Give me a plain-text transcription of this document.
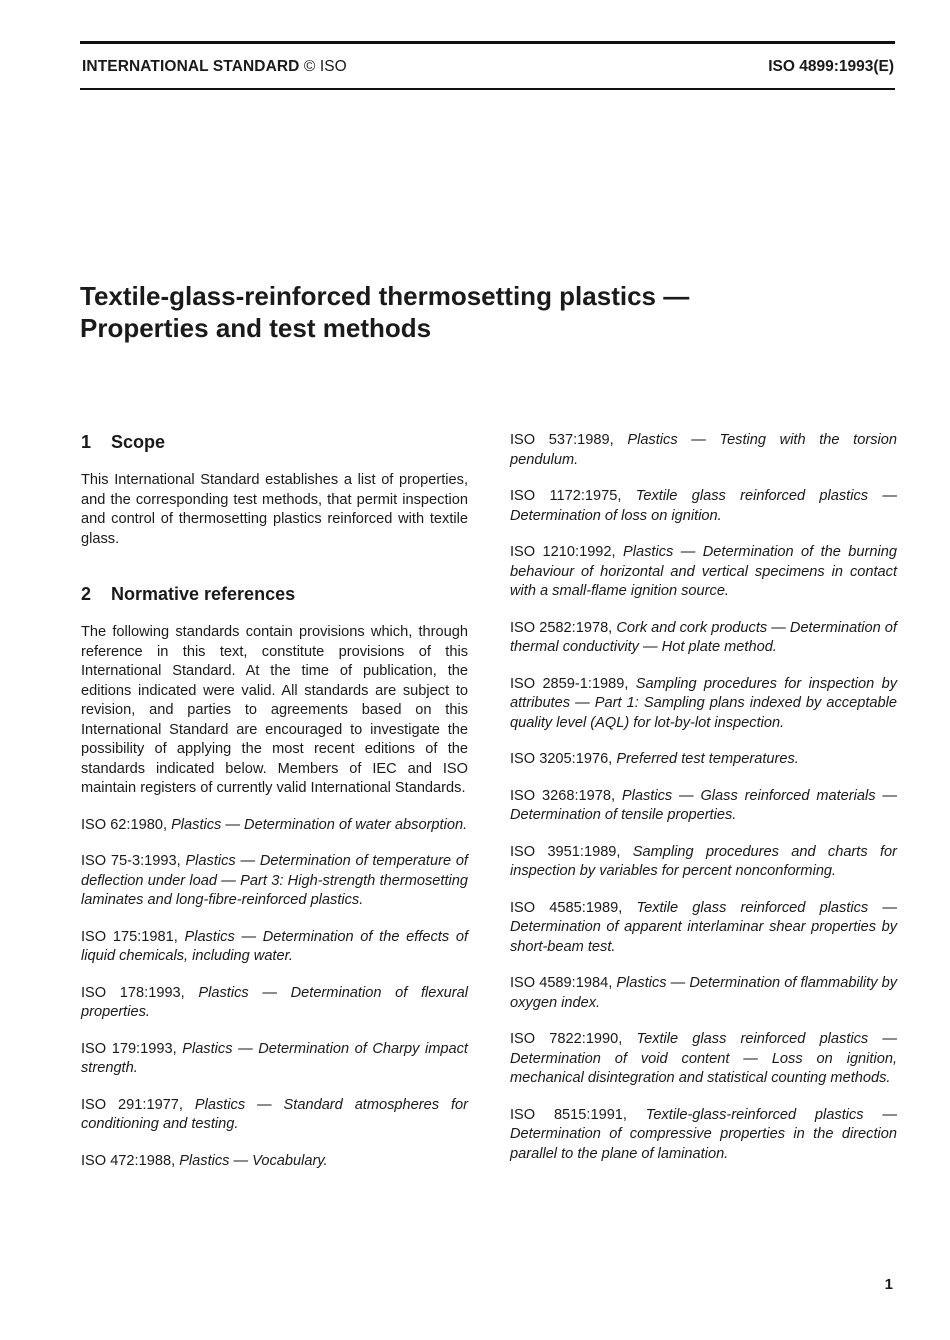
INTERNATIONAL STANDARD © ISO	ISO 4899:1993(E)
Textile-glass-reinforced thermosetting plastics —
Properties and test methods
1 Scope

This International Standard establishes a list of properties, and the corresponding test methods, that permit inspection and control of thermosetting plastics reinforced with textile glass.

2 Normative references

The following standards contain provisions which, through reference in this text, constitute provisions of this International Standard. At the time of publication, the editions indicated were valid. All standards are subject to revision, and parties to agreements based on this International Standard are encouraged to investigate the possibility of applying the most recent editions of the standards indicated below. Members of IEC and ISO maintain registers of currently valid International Standards.

ISO 62:1980, Plastics — Determination of water absorption.

ISO 75-3:1993, Plastics — Determination of temperature of deflection under load — Part 3: High-strength thermosetting laminates and long-fibre-reinforced plastics.

ISO 175:1981, Plastics — Determination of the effects of liquid chemicals, including water.

ISO 178:1993, Plastics — Determination of flexural properties.

ISO 179:1993, Plastics — Determination of Charpy impact strength.

ISO 291:1977, Plastics — Standard atmospheres for conditioning and testing.

ISO 472:1988, Plastics — Vocabulary.

ISO 537:1989, Plastics — Testing with the torsion pendulum.

ISO 1172:1975, Textile glass reinforced plastics — Determination of loss on ignition.

ISO 1210:1992, Plastics — Determination of the burning behaviour of horizontal and vertical specimens in contact with a small-flame ignition source.

ISO 2582:1978, Cork and cork products — Determination of thermal conductivity — Hot plate method.

ISO 2859-1:1989, Sampling procedures for inspection by attributes — Part 1: Sampling plans indexed by acceptable quality level (AQL) for lot-by-lot inspection.

ISO 3205:1976, Preferred test temperatures.

ISO 3268:1978, Plastics — Glass reinforced materials — Determination of tensile properties.

ISO 3951:1989, Sampling procedures and charts for inspection by variables for percent nonconforming.

ISO 4585:1989, Textile glass reinforced plastics — Determination of apparent interlaminar shear properties by short-beam test.

ISO 4589:1984, Plastics — Determination of flammability by oxygen index.

ISO 7822:1990, Textile glass reinforced plastics — Determination of void content — Loss on ignition, mechanical disintegration and statistical counting methods.

ISO 8515:1991, Textile-glass-reinforced plastics — Determination of compressive properties in the direction parallel to the plane of lamination.

1
